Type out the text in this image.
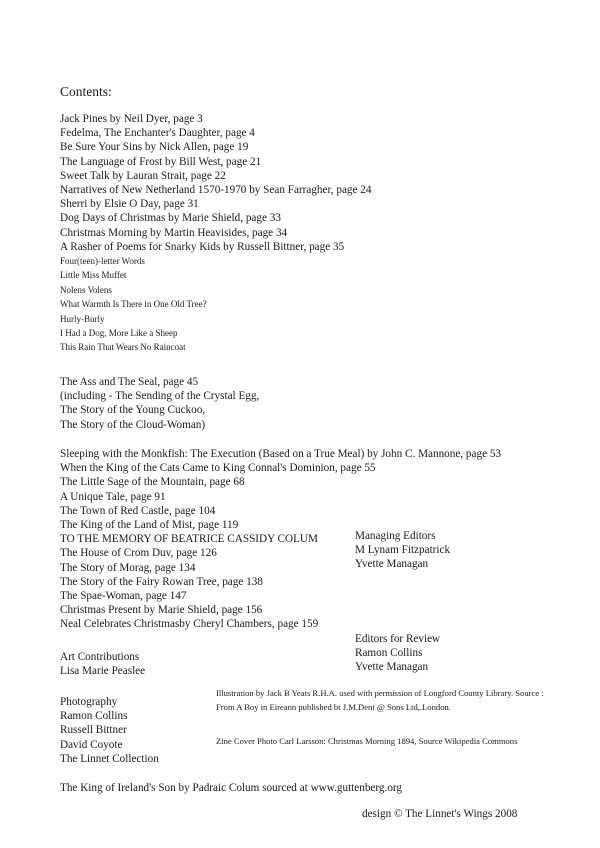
Contents:
Jack Pines by Neil Dyer, page 3
Fedelma, The Enchanter's Daughter, page 4
Be Sure Your Sins by Nick Allen, page 19
The Language of Frost by Bill West, page 21
Sweet Talk by Lauran Strait, page 22
Narratives of New Netherland 1570-1970 by Sean Farragher, page 24
Sherri by Elsie O Day, page 31
Dog Days of Christmas by Marie Shield, page 33
Christmas Morning by Martin Heavisides, page 34
A Rasher of Poems for Snarky Kids by Russell Bittner, page 35
Four(teen)-letter Words
Little Miss Muffet
Nolens Volens
What Warmth Is There in One Old Tree?
Hurly-Burly
I Had a Dog, More Like a Sheep
This Rain That Wears No Raincoat
The Ass and The Seal, page 45
(including - The Sending of the Crystal Egg,
The Story of the Young Cuckoo,
The Story of the Cloud-Woman)
Sleeping with the Monkfish: The Execution (Based on a True Meal) by John C. Mannone, page 53
When the King of the Cats Came to King Connal's Dominion, page 55
The Little Sage of the Mountain, page 68
A Unique Tale, page 91
The Town of Red Castle, page 104
The King of the Land of Mist, page 119
TO THE MEMORY OF BEATRICE CASSIDY COLUM
The House of Crom Duv, page 126
The Story of Morag, page 134
The Story of the Fairy Rowan Tree, page 138
The Spae-Woman, page 147
Christmas Present by Marie Shield, page 156
Neal Celebrates Christmasby Cheryl Chambers, page 159
Managing Editors
M Lynam Fitzpatrick
Yvette Managan
Editors for Review
Ramon Collins
Yvette Managan
Art Contributions
Lisa Marie Peaslee
Photography
Ramon Collins
Russell Bittner
David Coyote
The Linnet Collection
Illustration by Jack B Yeats R.H.A. used with permission of Longford County Library. Source : From A Boy in Eireann published bt J.M.Dent @ Sons Ltd,.London.
Zine Cover Photo Carl Larsson: Christmas Morning 1894, Source Wikipedia Commons
The King of Ireland's Son by Padraic Colum sourced at www.guttenberg.org
design © The Linnet's Wings 2008
